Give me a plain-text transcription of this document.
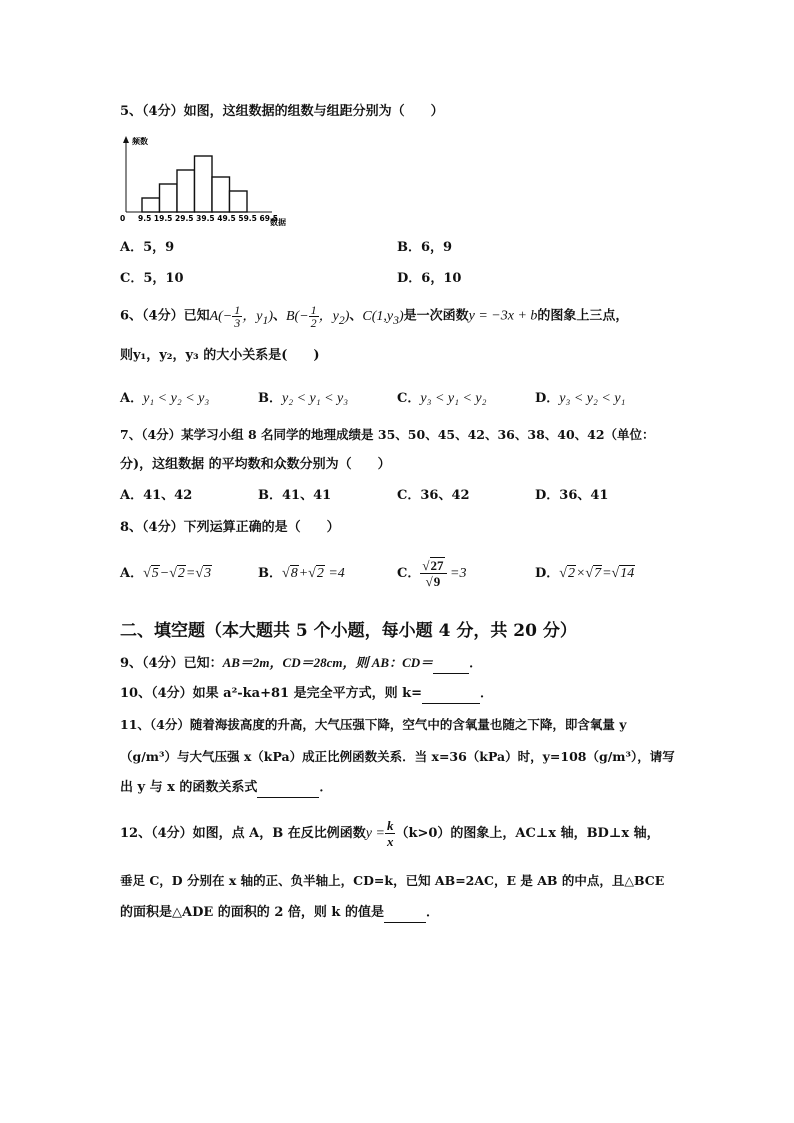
5、（4分）如图，这组数据的组数与组距分别为（　　）
频数
0 9.5 19.5 29.5 39.5 49.5 59.5 69.5
数据
A．5，9	B．6，9
C．5，10	D．6，10
6、（4分）已知$A(- \frac{1}{3}$ ，$y_1$)、$B(- \frac{1}{2}$ ，$y_2$)、$C(1,y_3)$是一次函数y = −3x + b的图象上三点，
则y₁，y₂，y₃ 的大小关系是(　　)
A．y₁ < y₂ < y₃	B．y₂ < y₁ < y₃	C．y₃ < y₁ < y₂	D．y₃ < y₂ < y₁
7、（4分）某学习小组 8 名同学的地理成绩是 35、50、45、42、36、38、40、42（单位：
分)，这组数据 的平均数和众数分别为（　　）
A．41、42	B．41、41	C．36、42	D．36、41
8、（4分）下列运算正确的是（　　）
A．√5−√2=√3	B．√8+√2 =4	C． $\frac{√27}{√9} =3$	D．√2×√7=√14
二、填空题（本大题共 5 个小题，每小题 4 分，共 20 分）
9、（4分）已知：AB＝2m，CD＝28cm，则 AB：CD＝	．
10、（4分）如果 a²-ka+81 是完全平方式，则 k=	．
11、（4分）随着海拔高度的升高，大气压强下降，空气中的含氧量也随之下降，即含氧量 y
（g/m³）与大气压强 x（kPa）成正比例函数关系．当 x=36（kPa）时，y=108（g/m³），请写
出 y 与 x 的函数关系式	．
12、（4分）如图，点 A，B 在反比例函数$y = \frac{k}{x} (k>0)$的图象上，AC⊥x 轴，BD⊥x 轴，
垂足 C，D 分别在 x 轴的正、负半轴上，CD=k，已知 AB=2AC，E 是 AB 的中点，且△BCE
的面积是△ADE 的面积的 2 倍，则 k 的值是	．
